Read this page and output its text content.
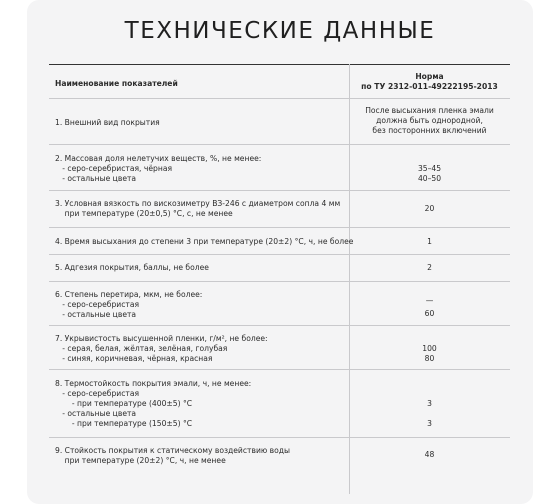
ТЕХНИЧЕСКИЕ ДАННЫЕ
Наименование показателей
Норма
по ТУ 2312-011-49222195-2013
1. Внешний вид покрытия
После высыхания пленка эмали
должна быть однородной,
без посторонних включений
2. Массовая доля нелетучих веществ, %, не менее:
- серо-серебристая, чёрная
- остальные цвета
35–45
40–50
3. Условная вязкость по вискозиметру ВЗ-246 с диаметром сопла 4 мм
при температуре (20±0,5) °С, с, не менее
20
4. Время высыхания до степени 3 при температуре (20±2) °С, ч, не более	1
5. Адгезия покрытия, баллы, не более	2
6. Степень перетира, мкм, не более:
- серо-серебристая
- остальные цвета
—
60
7. Укрывистость высушенной пленки, г/м², не более:
- серая, белая, жёлтая, зелёная, голубая
- синяя, коричневая, чёрная, красная
100
80
8. Термостойкость покрытия эмали, ч, не менее:
- серо-серебристая
- при температуре (400±5) °С
- остальные цвета
- при температуре (150±5) °С
3
3
9. Стойкость покрытия к статическому воздействию воды
при температуре (20±2) °С, ч, не менее
48
